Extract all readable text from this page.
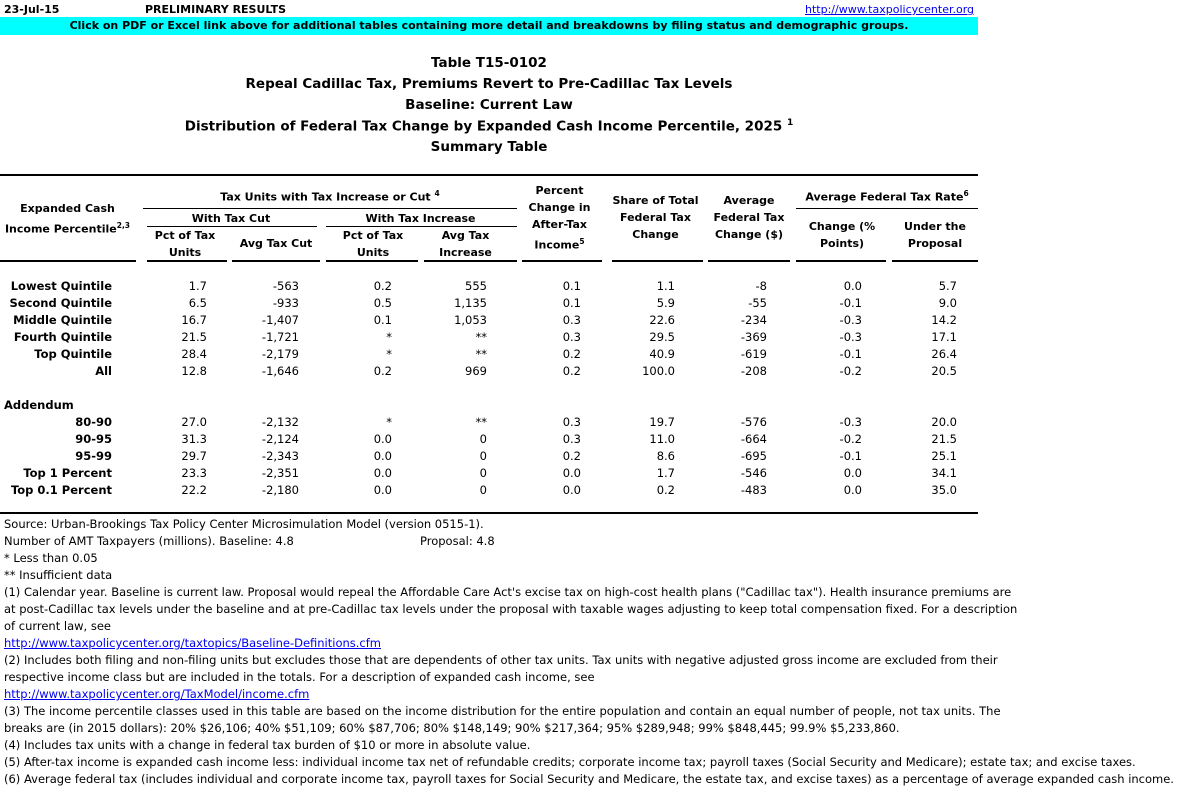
23-Jul-15	PRELIMINARY RESULTS	http://www.taxpolicycenter.org
Click on PDF or Excel link above for additional tables containing more detail and breakdowns by filing status and demographic groups.
Table T15-0102
Repeal Cadillac Tax, Premiums Revert to Pre-Cadillac Tax Levels
Baseline: Current Law
Distribution of Federal Tax Change by Expanded Cash Income Percentile, 2025 $^1$
Summary Table
Expanded Cash Income Percentile$^{2,3}$
Tax Units with Tax Increase or Cut $^4$
With Tax Cut	With Tax Increase
Pct of Tax Units
Avg Tax Cut
Pct of Tax Units
Avg Tax Increase
Percent Change in After-Tax Income$^5$
Share of Total Federal Tax Change
Average Federal Tax Change ($)
Average Federal Tax Rate$^6$
Change (% Points)
Under the Proposal
Lowest Quintile	1.7	-563	0.2	555	0.1	1.1	-8	0.0	5.7
Second Quintile	6.5	-933	0.5	1,135	0.1	5.9	-55	-0.1	9.0
Middle Quintile	16.7	-1,407	0.1	1,053	0.3	22.6	-234	-0.3	14.2
Fourth Quintile	21.5	-1,721	*	**	0.3	29.5	-369	-0.3	17.1
Top Quintile	28.4	-2,179	*	**	0.2	40.9	-619	-0.1	26.4
All	12.8	-1,646	0.2	969	0.2	100.0	-208	-0.2	20.5
Addendum
80-90	27.0	-2,132	*	**	0.3	19.7	-576	-0.3	20.0
90-95	31.3	-2,124	0.0	0	0.3	11.0	-664	-0.2	21.5
95-99	29.7	-2,343	0.0	0	0.2	8.6	-695	-0.1	25.1
Top 1 Percent	23.3	-2,351	0.0	0	0.0	1.7	-546	0.0	34.1
Top 0.1 Percent	22.2	-2,180	0.0	0	0.0	0.2	-483	0.0	35.0
Source: Urban-Brookings Tax Policy Center Microsimulation Model (version 0515-1).
Number of AMT Taxpayers (millions). Baseline: 4.8	Proposal: 4.8
* Less than 0.05
** Insufficient data
(1) Calendar year. Baseline is current law. Proposal would repeal the Affordable Care Act's excise tax on high-cost health plans ("Cadillac tax"). Health insurance premiums are
at post-Cadillac tax levels under the baseline and at pre-Cadillac tax levels under the proposal with taxable wages adjusting to keep total compensation fixed. For a description
of current law, see
http://www.taxpolicycenter.org/taxtopics/Baseline-Definitions.cfm
(2) Includes both filing and non-filing units but excludes those that are dependents of other tax units. Tax units with negative adjusted gross income are excluded from their
respective income class but are included in the totals. For a description of expanded cash income, see
http://www.taxpolicycenter.org/TaxModel/income.cfm
(3) The income percentile classes used in this table are based on the income distribution for the entire population and contain an equal number of people, not tax units. The
breaks are (in 2015 dollars): 20% $26,106; 40% $51,109; 60% $87,706; 80% $148,149; 90% $217,364; 95% $289,948; 99% $848,445; 99.9% $5,233,860.
(4) Includes tax units with a change in federal tax burden of $10 or more in absolute value.
(5) After-tax income is expanded cash income less: individual income tax net of refundable credits; corporate income tax; payroll taxes (Social Security and Medicare); estate tax; and excise taxes.
(6) Average federal tax (includes individual and corporate income tax, payroll taxes for Social Security and Medicare, the estate tax, and excise taxes) as a percentage of average expanded cash income.
